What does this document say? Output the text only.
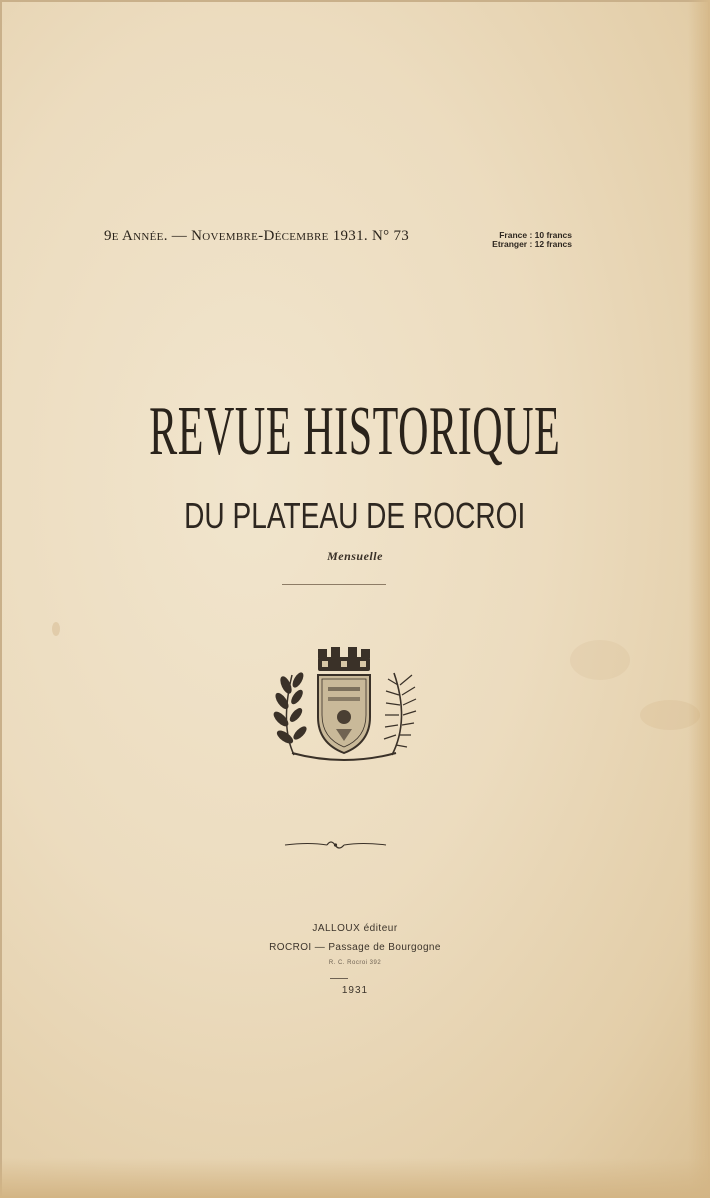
9e Année. — Novembre-Décembre 1931. N° 73	France : 10 francs
Etranger : 12 francs
REVUE HISTORIQUE
DU PLATEAU DE ROCROI
Mensuelle
JALLOUX éditeur
ROCROI — Passage de Bourgogne
R. C. Rocroi 392
1931
